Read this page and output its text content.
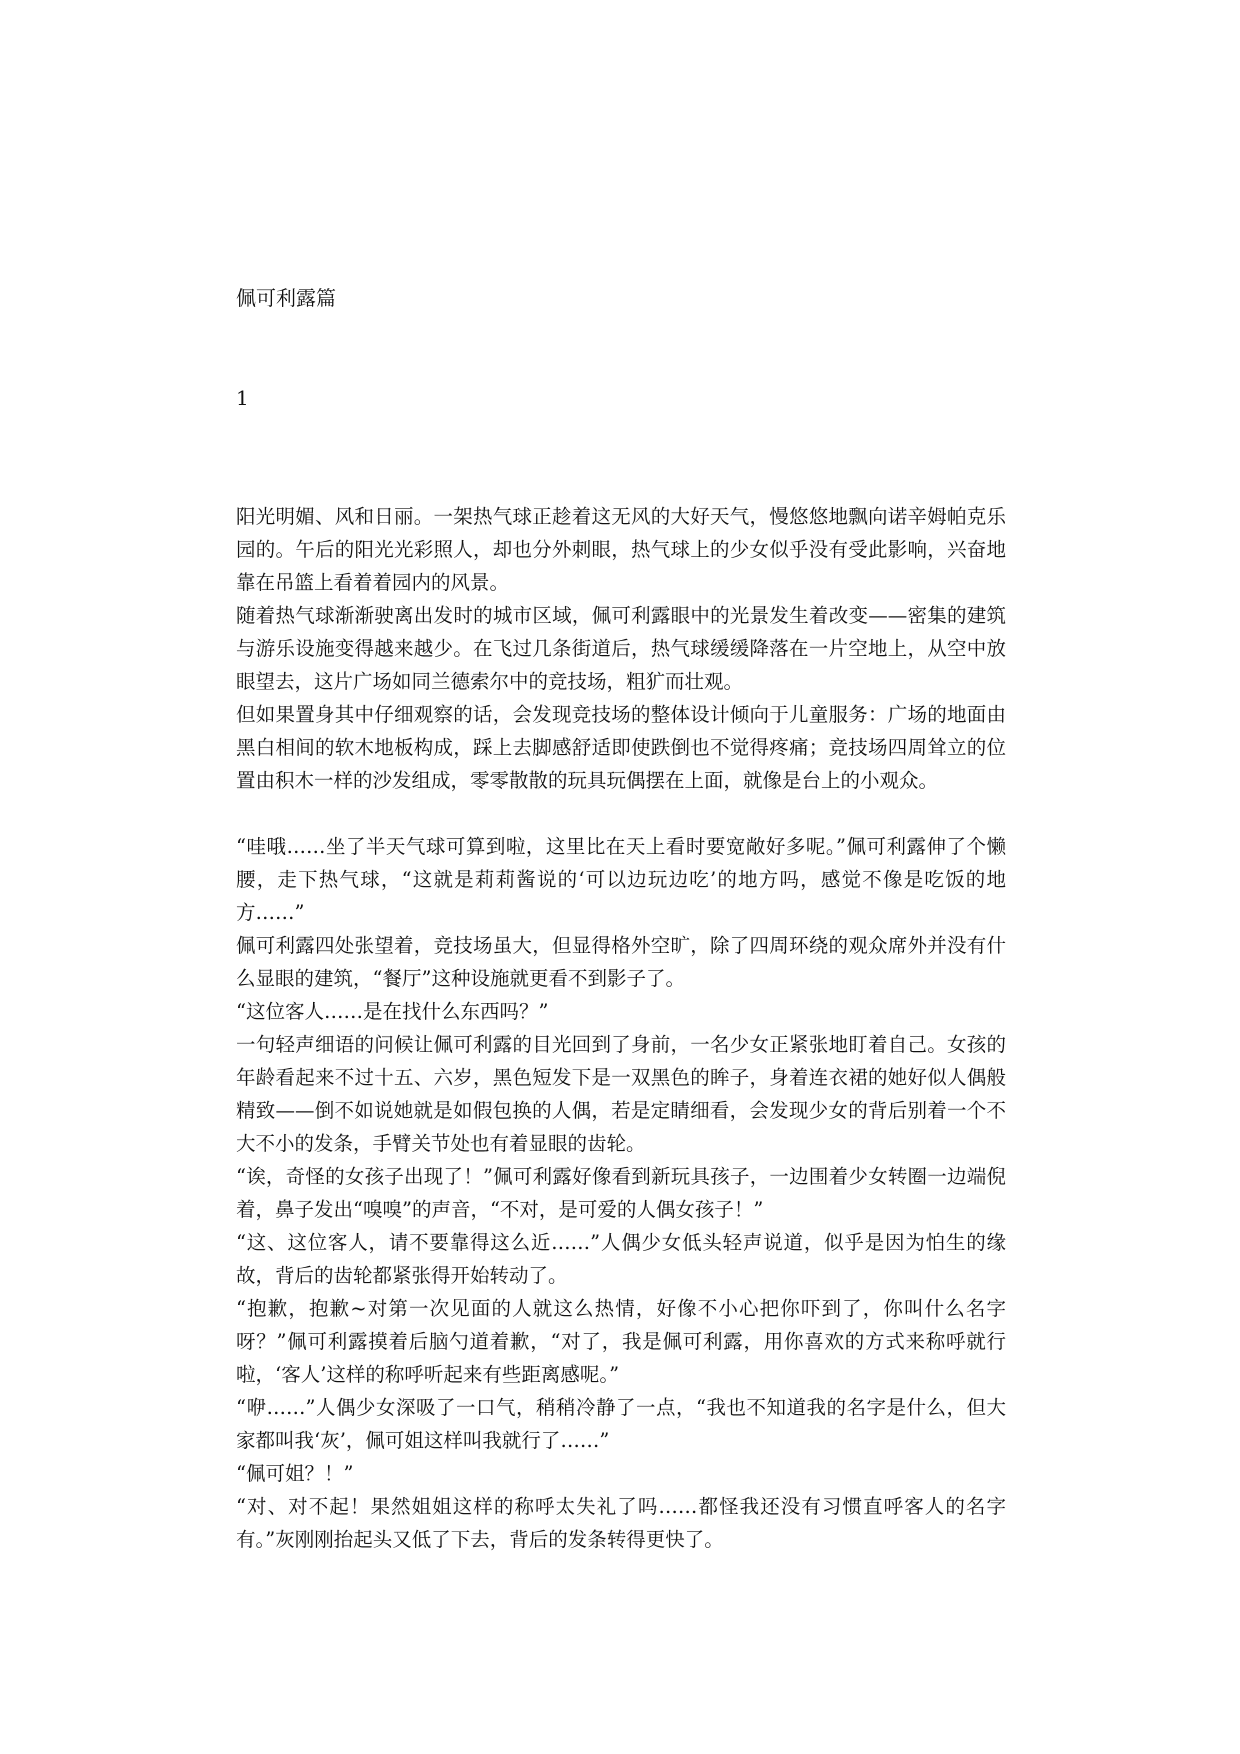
佩可利露篇
1

阳光明媚、风和日丽。一架热气球正趁着这无风的大好天气，慢悠悠地飘向诺辛姆帕克乐园的。午后的阳光光彩照人，却也分外刺眼，热气球上的少女似乎没有受此影响，兴奋地靠在吊篮上看着着园内的风景。

随着热气球渐渐驶离出发时的城市区域，佩可利露眼中的光景发生着改变——密集的建筑与游乐设施变得越来越少。在飞过几条街道后，热气球缓缓降落在一片空地上，从空中放眼望去，这片广场如同兰德索尔中的竞技场，粗犷而壮观。

但如果置身其中仔细观察的话，会发现竞技场的整体设计倾向于儿童服务：广场的地面由黑白相间的软木地板构成，踩上去脚感舒适即使跌倒也不觉得疼痛；竞技场四周耸立的位置由积木一样的沙发组成，零零散散的玩具玩偶摆在上面，就像是台上的小观众。

“哇哦……坐了半天气球可算到啦，这里比在天上看时要宽敞好多呢。”佩可利露伸了个懒腰，走下热气球，“这就是莉莉酱说的‘可以边玩边吃’的地方吗，感觉不像是吃饭的地方……”

佩可利露四处张望着，竞技场虽大，但显得格外空旷，除了四周环绕的观众席外并没有什么显眼的建筑，“餐厅”这种设施就更看不到影子了。

“这位客人……是在找什么东西吗？”

一句轻声细语的问候让佩可利露的目光回到了身前，一名少女正紧张地盯着自己。女孩的年龄看起来不过十五、六岁，黑色短发下是一双黑色的眸子，身着连衣裙的她好似人偶般精致——倒不如说她就是如假包换的人偶，若是定睛细看，会发现少女的背后别着一个不大不小的发条，手臂关节处也有着显眼的齿轮。

“诶，奇怪的女孩子出现了！”佩可利露好像看到新玩具孩子，一边围着少女转圈一边端倪着，鼻子发出“嗅嗅”的声音，“不对，是可爱的人偶女孩子！”

“这、这位客人，请不要靠得这么近……”人偶少女低头轻声说道，似乎是因为怕生的缘故，背后的齿轮都紧张得开始转动了。

“抱歉，抱歉~对第一次见面的人就这么热情，好像不小心把你吓到了，你叫什么名字呀？”佩可利露摸着后脑勺道着歉，“对了，我是佩可利露，用你喜欢的方式来称呼就行啦，‘客人’这样的称呼听起来有些距离感呢。”

“咿……”人偶少女深吸了一口气，稍稍冷静了一点，“我也不知道我的名字是什么，但大家都叫我‘灰’，佩可姐这样叫我就行了……”

“佩可姐？！”

“对、对不起！果然姐姐这样的称呼太失礼了吗……都怪我还没有习惯直呼客人的名字有。”灰刚刚抬起头又低了下去，背后的发条转得更快了。
